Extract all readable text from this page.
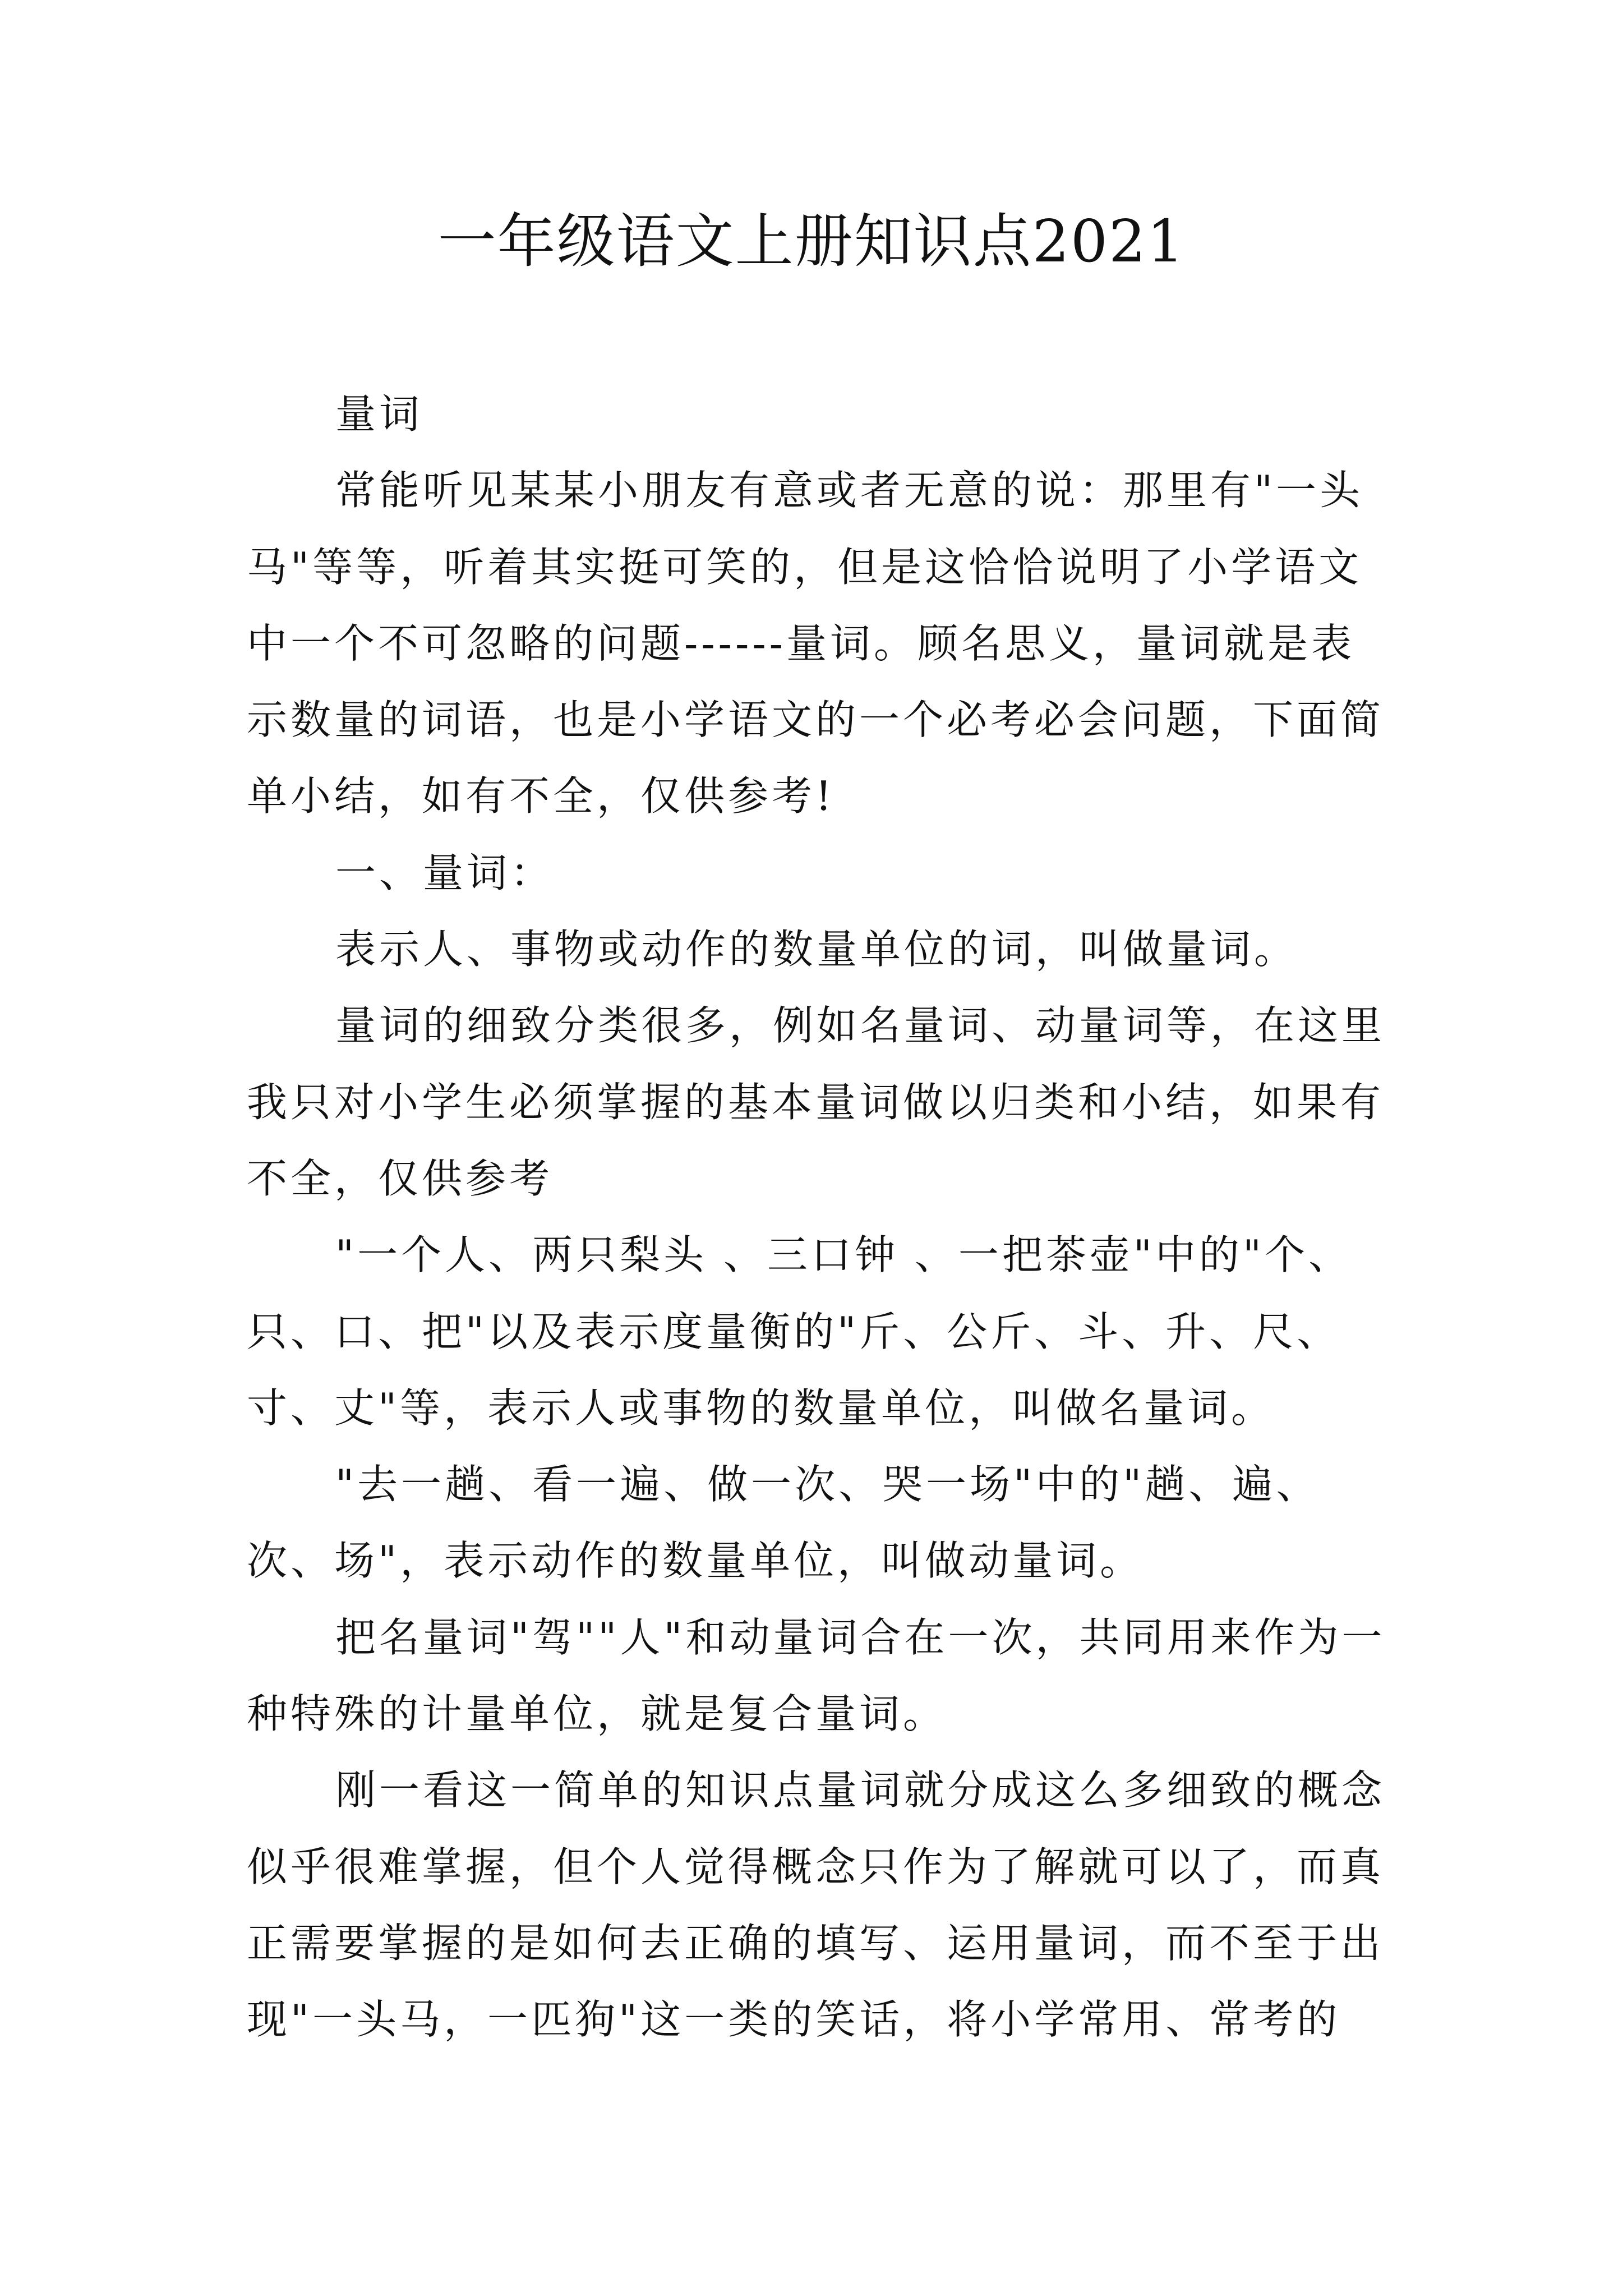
一年级语文上册知识点2021

量词

常能听见某某小朋友有意或者无意的说：那里有"一头马"等等，听着其实挺可笑的，但是这恰恰说明了小学语文中一个不可忽略的问题------量词。顾名思义，量词就是表示数量的词语，也是小学语文的一个必考必会问题，下面简单小结，如有不全，仅供参考!

一、量词：

表示人、事物或动作的数量单位的词，叫做量词。

量词的细致分类很多，例如名量词、动量词等，在这里我只对小学生必须掌握的基本量词做以归类和小结，如果有不全，仅供参考

"一个人、两只梨头 、三口钟 、一把茶壶"中的"个、只、口、把"以及表示度量衡的"斤、公斤、斗、升、尺、寸、丈"等，表示人或事物的数量单位，叫做名量词。

"去一趟、看一遍、做一次、哭一场"中的"趟、遍、次、场"，表示动作的数量单位，叫做动量词。

把名量词"驾""人"和动量词合在一次，共同用来作为一种特殊的计量单位，就是复合量词。

刚一看这一简单的知识点量词就分成这么多细致的概念似乎很难掌握，但个人觉得概念只作为了解就可以了，而真正需要掌握的是如何去正确的填写、运用量词，而不至于出现"一头马，一匹狗"这一类的笑话，将小学常用、常考的
